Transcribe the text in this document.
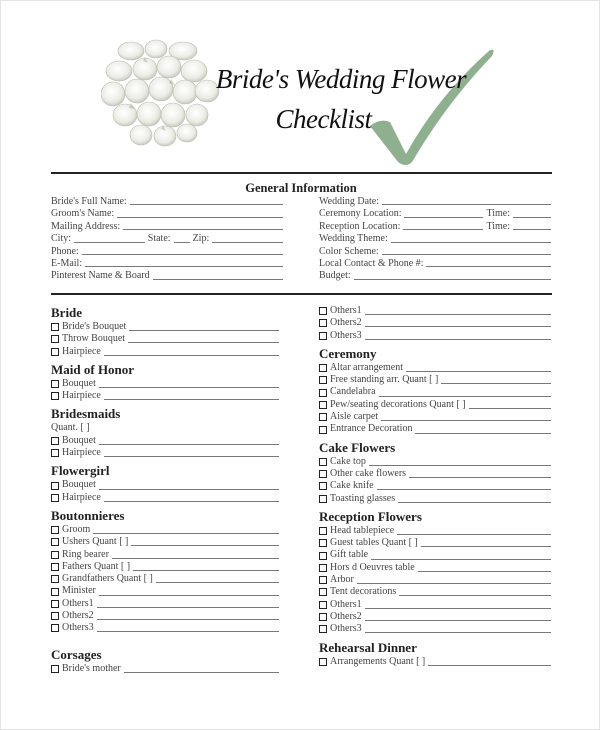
Bride's Wedding Flower

Checklist
General Information
Bride's Full Name:
Groom's Name:
Mailing Address:
City:	State: Zip:
Phone:
E-Mail:
Pinterest Name & Board
Wedding Date:
Ceremony Location:	Time:
Reception Location:	Time:
Wedding Theme:
Color Scheme:
Local Contact & Phone #:
Budget:
Bride
Bride's Bouquet
Throw Bouquet
Hairpiece
Maid of Honor
Bouquet
Hairpiece
Bridesmaids
Quant. [ ]
Bouquet
Hairpiece
Flowergirl
Bouquet
Hairpiece
Boutonnieres
Groom
Ushers Quant [ ]
Ring bearer
Fathers Quant [ ]
Grandfathers Quant [ ]
Minister
Others1
Others2
Others3
Corsages
Bride's mother
Others1
Others2
Others3
Ceremony
Altar arrangement
Free standing arr. Quant [ ]
Candelabra
Pew/seating decorations Quant [ ]
Aisle carpet
Entrance Decoration
Cake Flowers
Cake top
Other cake flowers
Cake knife
Toasting glasses
Reception Flowers
Head tablepiece
Guest tables Quant [ ]
Gift table
Hors d Oeuvres table
Arbor
Tent decorations
Others1
Others2
Others3
Rehearsal Dinner
Arrangements Quant [ ]
